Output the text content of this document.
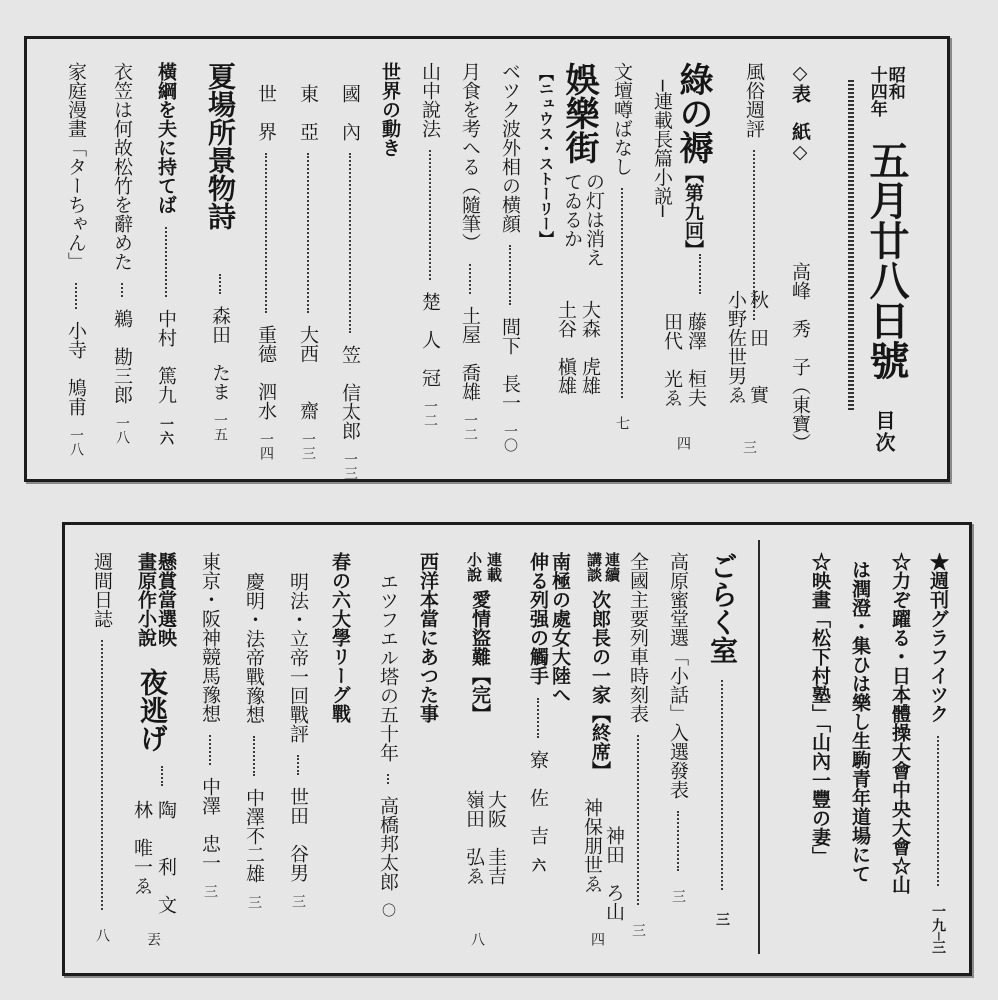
昭和
十四年
五月廿八日號
目次
◇表　紙◇
高峰　秀　子（東寶）
風俗週評
秋　田　　實
小野佐世男ゑ
三
綠の褥【第九回】
─連載長篇小説─
藤澤　桓夫
田代　光ゑ
四
文壇噂ばなし  七
娛樂街
の灯は消え
てゐるか
【ニュウス・ストーリー】
大森　虎雄
土谷　槇雄
ベツク波外相の横顔  間下　長一 一〇
月食を考へる（隨筆）  土屋　喬雄 一二
山中說法  楚　人　冠 一二
世界の動き
國　內  笠　信太郎 一三
東　亞  大西　　齋 一三
世　界  重德　泗水 一四
夏場所景物詩
森田　たま 一五
橫綱を夫に持てば  中村　篤九 一六
衣笠は何故松竹を辭めた  鵜　勘三郎 一八
家庭漫畫「ターちゃん」  小寺　鳩甫 一八
★週刊グラフイツク  一九─三
☆力ぞ躍る・日本體操大會中央大會☆山
は潤澄・集ひは樂し生駒青年道場にて
☆映畫「松下村塾」「山內一豐の妻」
ごらく室  三
高原蜜堂選「小話」入選發表  三
全國主要列車時刻表  三
連續
講談
次郎長の一家【終席】
神田　ろ山
神保朋世ゑ
四
南極の處女大陸へ
伸る列强の觸手  寮　佐　吉 六
連載
小說
愛情盜難【完】
大阪　圭吉
嶺田　弘ゑ
八
西洋本當にあつた事
エツフエル塔の五十年  高橋邦太郎 〇
春の六大學リーグ戰
明法・立帝一回戰評  世田　谷男 三
慶明・法帝戰豫想  中澤不二雄 三
東京・阪神競馬豫想  中澤　忠一 三
懸賞當選映
畫原作小說
夜逃げ
陶　　利　文
林　唯一ゑ
丟
週間日誌  八
